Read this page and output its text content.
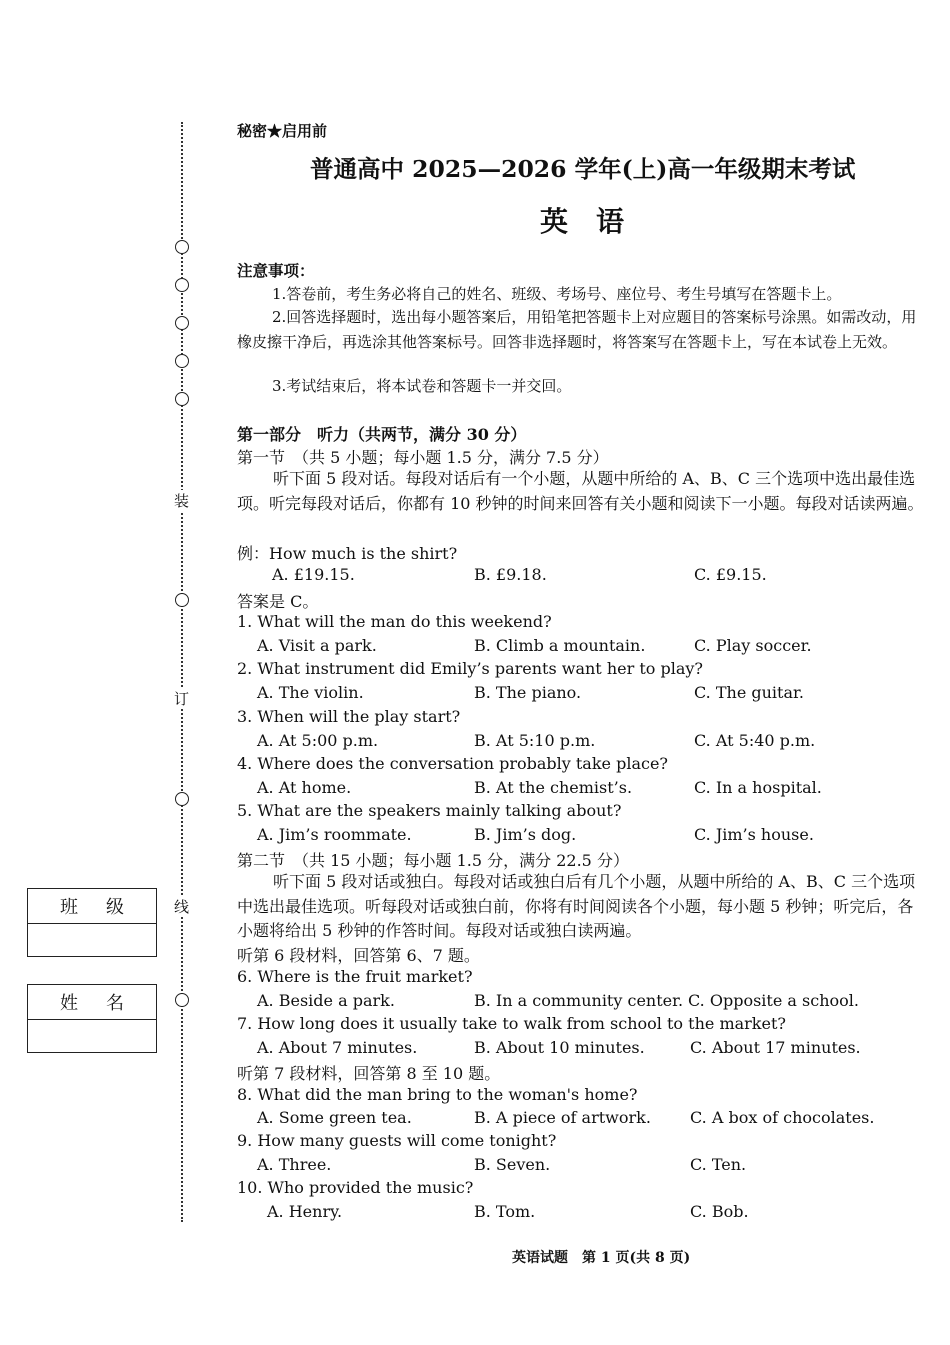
装
订
线
班级
姓名
秘密★启用前
普通高中 2025—2026 学年(上)高一年级期末考试
英　语
注意事项：
1.答卷前，考生务必将自己的姓名、班级、考场号、座位号、考生号填写在答题卡上。
2.回答选择题时，选出每小题答案后，用铅笔把答题卡上对应题目的答案标号涂黑。如需改动，用橡皮擦干净后，再选涂其他答案标号。回答非选择题时，将答案写在答题卡上，写在本试卷上无效。
3.考试结束后，将本试卷和答题卡一并交回。
第一部分　听力（共两节，满分 30 分）
第一节　（共 5 小题；每小题 1.5 分，满分 7.5 分）
听下面 5 段对话。每段对话后有一个小题，从题中所给的 A、B、C 三个选项中选出最佳选项。听完每段对话后，你都有 10 秒钟的时间来回答有关小题和阅读下一小题。每段对话读两遍。
例：How much is the shirt?
A. £19.15.	B. £9.18.	C. £9.15.
答案是 C。
1. What will the man do this weekend?
A. Visit a park.	B. Climb a mountain.	C. Play soccer.
2. What instrument did Emily’s parents want her to play?
A. The violin.	B. The piano.	C. The guitar.
3. When will the play start?
A. At 5:00 p.m.	B. At 5:10 p.m.	C. At 5:40 p.m.
4. Where does the conversation probably take place?
A. At home.	B. At the chemist’s.	C. In a hospital.
5. What are the speakers mainly talking about?
A. Jim’s roommate.	B. Jim’s dog.	C. Jim’s house.
第二节　（共 15 小题；每小题 1.5 分，满分 22.5 分）
听下面 5 段对话或独白。每段对话或独白后有几个小题，从题中所给的 A、B、C 三个选项中选出最佳选项。听每段对话或独白前，你将有时间阅读各个小题，每小题 5 秒钟；听完后，各小题将给出 5 秒钟的作答时间。每段对话或独白读两遍。
听第 6 段材料，回答第 6、7 题。
6. Where is the fruit market?
A. Beside a park.	B. In a community center. C. Opposite a school.
7. How long does it usually take to walk from school to the market?
A. About 7 minutes.	B. About 10 minutes.	C. About 17 minutes.
听第 7 段材料，回答第 8 至 10 题。
8. What did the man bring to the woman's home?
A. Some green tea.	B. A piece of artwork. C. A box of chocolates.
9. How many guests will come tonight?
A. Three.	B. Seven.	C. Ten.
10. Who provided the music?
A. Henry.	B. Tom.	C. Bob.
英语试题　第 1 页(共 8 页)
